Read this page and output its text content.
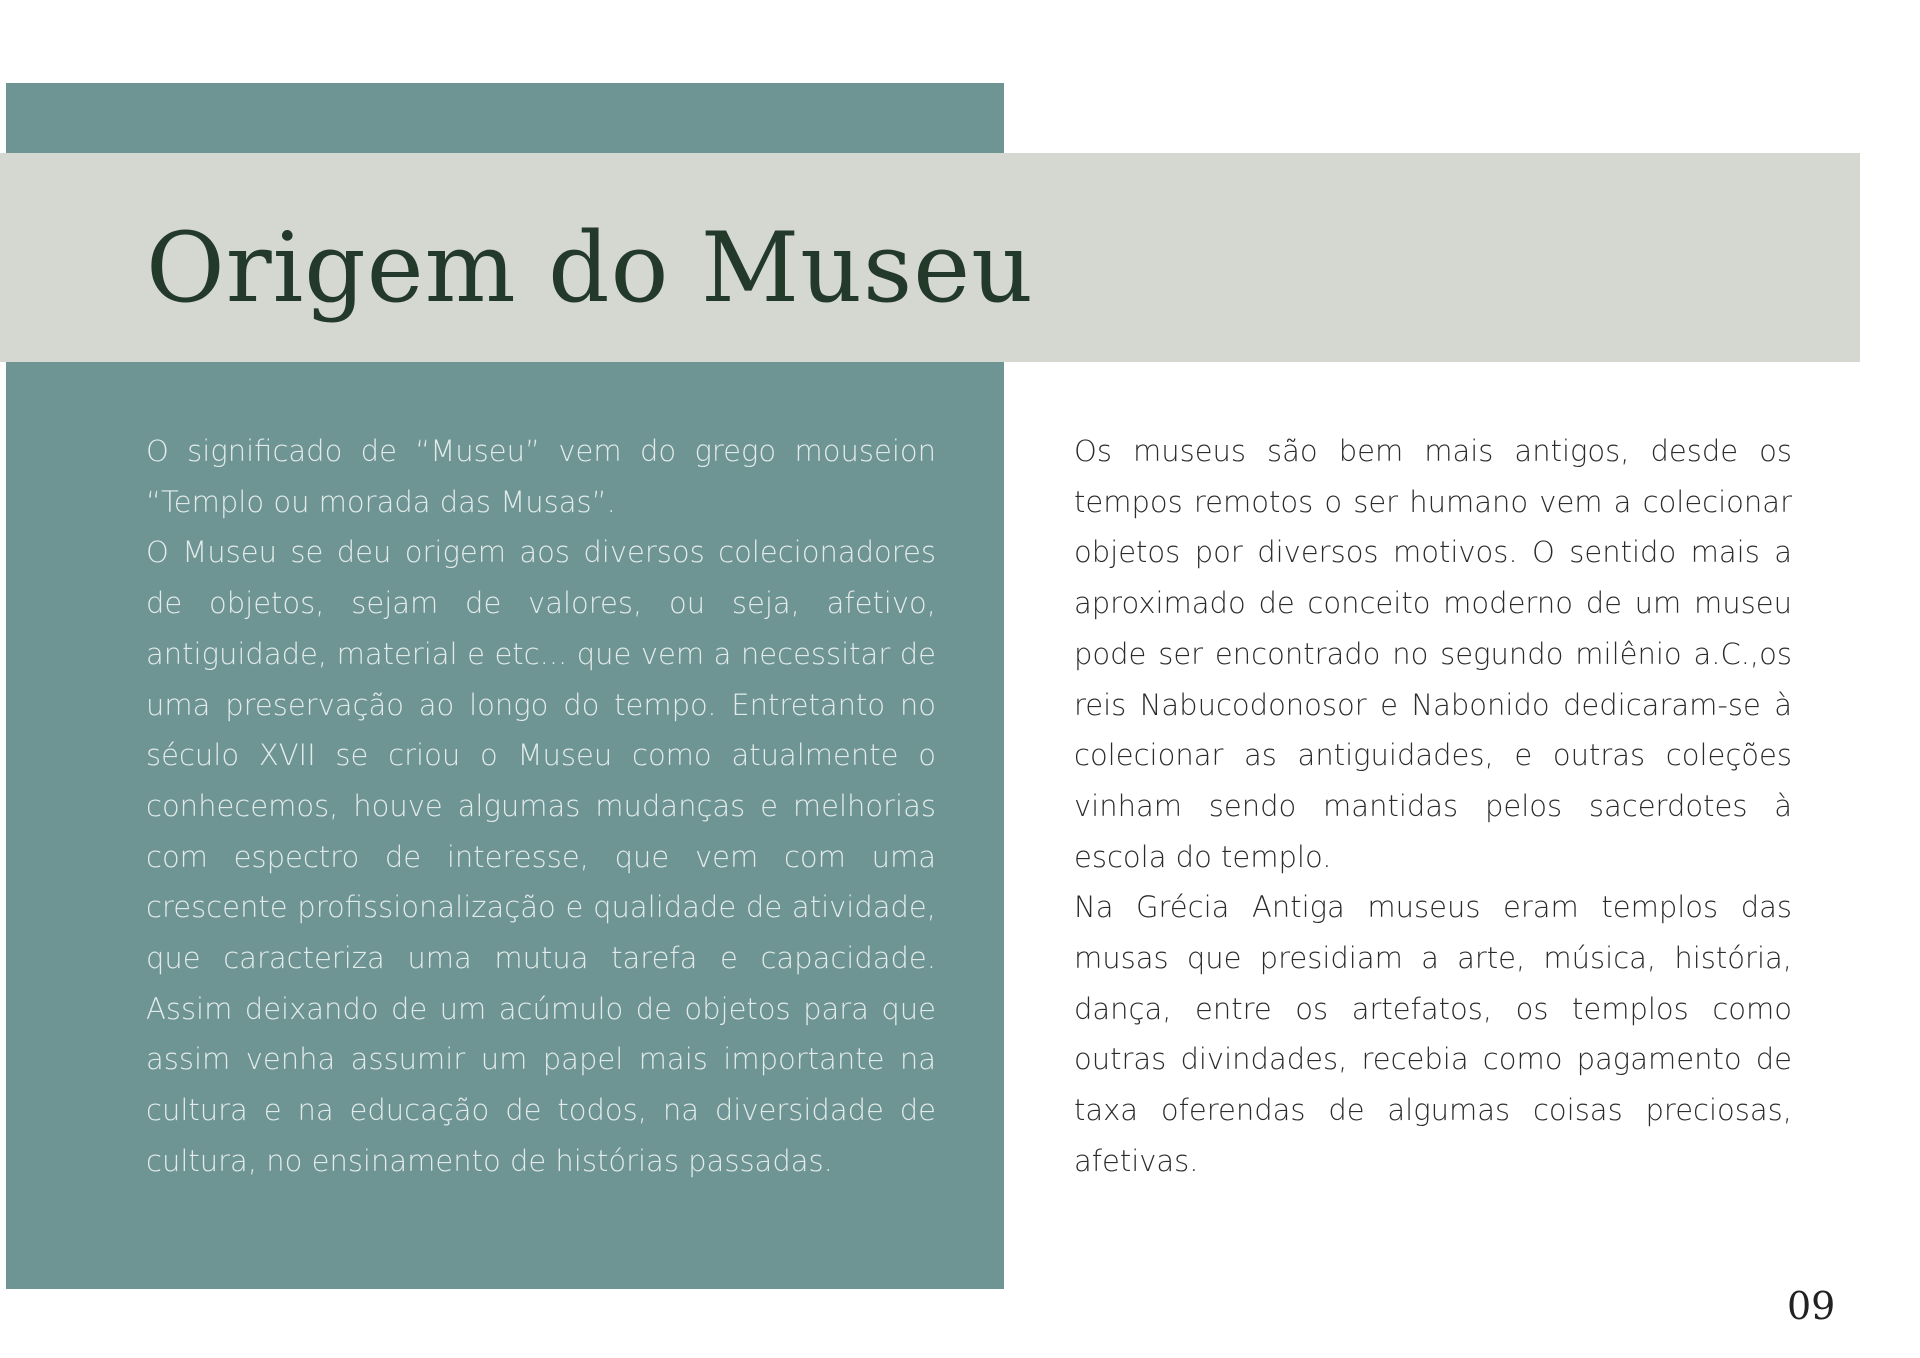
Origem do Museu

O significado de “Museu” vem do grego mouseion “Templo ou morada das Musas”.

O Museu se deu origem aos diversos colecionadores de objetos, sejam de valores, ou seja, afetivo, antiguidade, material e etc... que vem a necessitar de uma preservação ao longo do tempo. Entretanto no século XVII se criou o Museu como atualmente o conhecemos, houve algumas mudanças e melhorias com espectro de interesse, que vem com uma crescente profissionalização e qualidade de atividade, que caracteriza uma mutua tarefa e capacidade. Assim deixando de um acúmulo de objetos para que assim venha assumir um papel mais importante na cultura e na educação de todos, na diversidade de cultura, no ensinamento de histórias passadas.

Os museus são bem mais antigos, desde os tempos remotos o ser humano vem a colecionar objetos por diversos motivos. O sentido mais a aproximado de conceito moderno de um museu pode ser encontrado no segundo milênio a.C.,os reis Nabucodonosor e Nabonido dedicaram-se à colecionar as antiguidades, e outras coleções vinham sendo mantidas pelos sacerdotes à escola do templo.

Na Grécia Antiga museus eram templos das musas que presidiam a arte, música, história, dança, entre os artefatos, os templos como outras divindades, recebia como pagamento de taxa oferendas de algumas coisas preciosas, afetivas.

09
